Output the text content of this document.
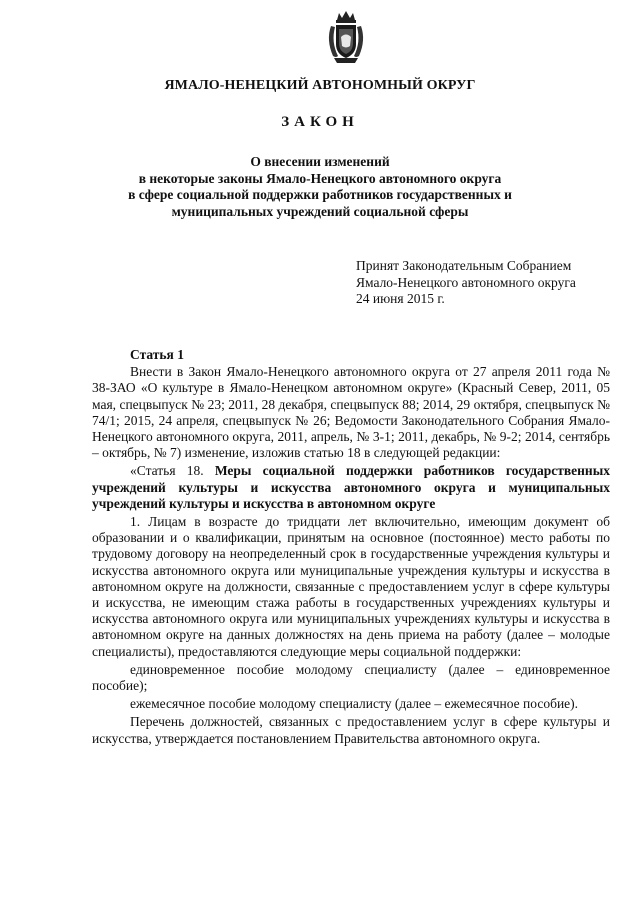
ЯМАЛО-НЕНЕЦКИЙ АВТОНОМНЫЙ ОКРУГ
ЗАКОН
О внесении изменений
в некоторые законы Ямало-Ненецкого автономного округа
в сфере социальной поддержки работников государственных и
муниципальных учреждений социальной сферы
Принят Законодательным Собранием
Ямало-Ненецкого автономного округа
24 июня 2015 г.
Статья 1
Внести в Закон Ямало-Ненецкого автономного округа от 27 апреля 2011 года № 38-ЗАО «О культуре в Ямало-Ненецком автономном округе» (Красный Север, 2011, 05 мая, спецвыпуск № 23; 2011, 28 декабря, спецвыпуск 88; 2014, 29 октября, спецвыпуск № 74/1; 2015, 24 апреля, спецвыпуск № 26; Ведомости Законодательного Собрания Ямало-Ненецкого автономного округа, 2011, апрель, № 3-1; 2011, декабрь, № 9-2; 2014, сентябрь – октябрь, № 7) изменение, изложив статью 18 в следующей редакции:
«Статья 18. Меры социальной поддержки работников государственных учреждений культуры и искусства автономного округа и муниципальных учреждений культуры и искусства в автономном округе
1. Лицам в возрасте до тридцати лет включительно, имеющим документ об образовании и о квалификации, принятым на основное (постоянное) место работы по трудовому договору на неопределенный срок в государственные учреждения культуры и искусства автономного округа или муниципальные учреждения культуры и искусства в автономном округе на должности, связанные с предоставлением услуг в сфере культуры и искусства, не имеющим стажа работы в государственных учреждениях культуры и искусства автономного округа или муниципальных учреждениях культуры и искусства в автономном округе на данных должностях на день приема на работу (далее – молодые специалисты), предоставляются следующие меры социальной поддержки:
единовременное пособие молодому специалисту (далее – единовременное пособие);
ежемесячное пособие молодому специалисту (далее – ежемесячное пособие).
Перечень должностей, связанных с предоставлением услуг в сфере культуры и искусства, утверждается постановлением Правительства автономного округа.
